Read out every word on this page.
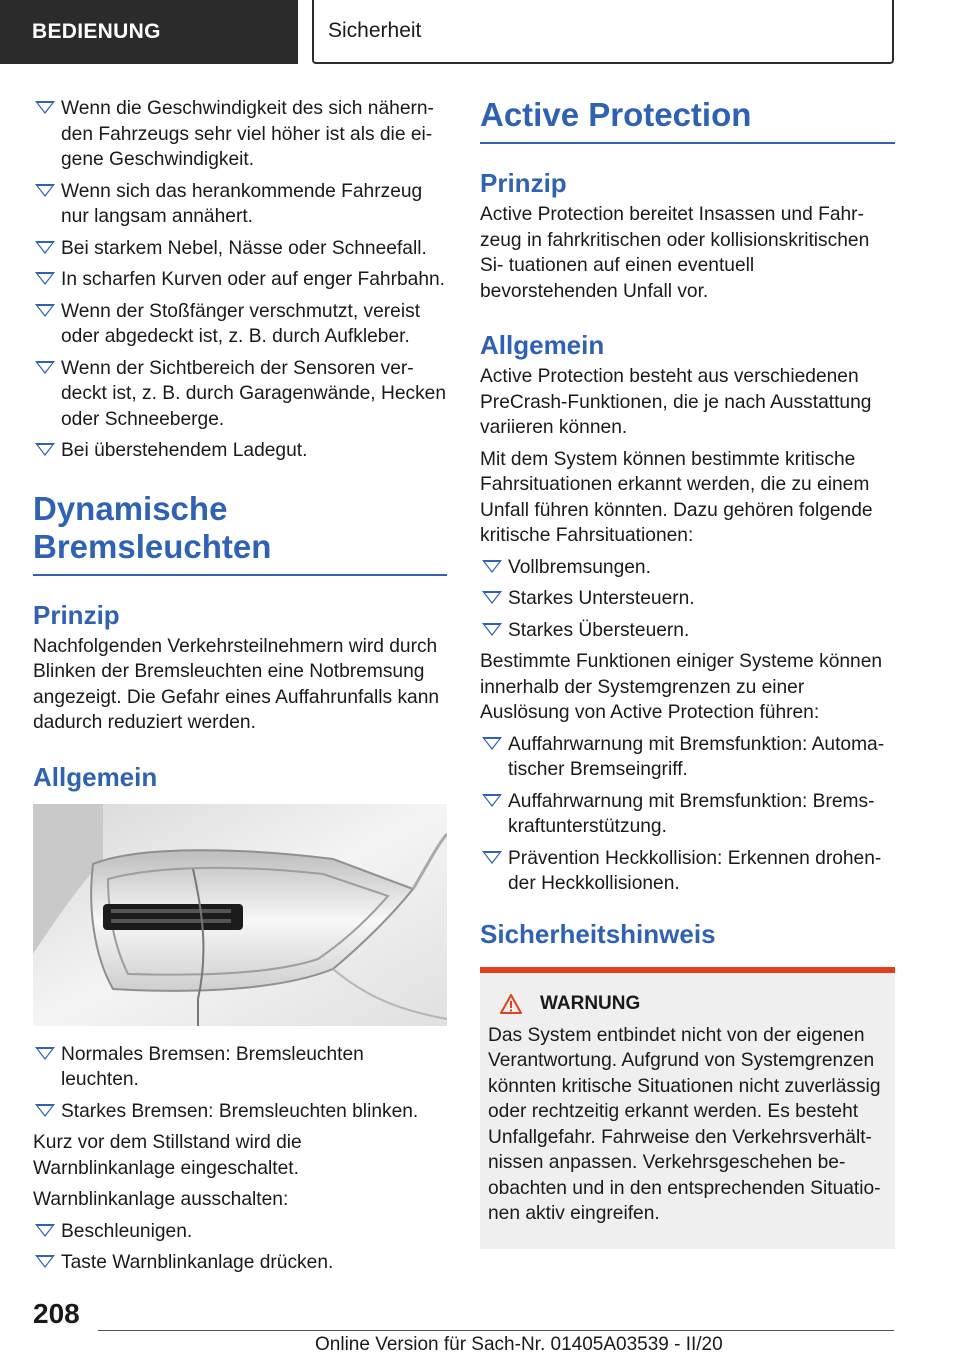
BEDIENUNG	Sicherheit
Wenn die Geschwindigkeit des sich nähern‐ den Fahrzeugs sehr viel höher ist als die ei‐ gene Geschwindigkeit.
Wenn sich das herankommende Fahrzeug nur langsam annähert.
Bei starkem Nebel, Nässe oder Schneefall.
In scharfen Kurven oder auf enger Fahrbahn.
Wenn der Stoßfänger verschmutzt, vereist oder abgedeckt ist, z. B. durch Aufkleber.
Wenn der Sichtbereich der Sensoren ver‐ deckt ist, z. B. durch Garagenwände, Hecken oder Schneeberge.
Bei überstehendem Ladegut.

Dynamische

Bremsleuchten

Prinzip

Nachfolgenden Verkehrsteilnehmern wird durch Blinken der Bremsleuchten eine Notbremsung angezeigt. Die Gefahr eines Auffahrunfalls kann dadurch reduziert werden.

Allgemein

Normales Bremsen: Bremsleuchten leuchten.
Starkes Bremsen: Bremsleuchten blinken.

Kurz vor dem Stillstand wird die Warnblinkanlage eingeschaltet.

Warnblinkanlage ausschalten:

Beschleunigen.
Taste Warnblinkanlage drücken.

Active Protection

Prinzip

Active Protection bereitet Insassen und Fahr‐ zeug in fahrkritischen oder kollisionskritischen Si‐ tuationen auf einen eventuell bevorstehenden Unfall vor.

Allgemein

Active Protection besteht aus verschiedenen PreCrash-Funktionen, die je nach Ausstattung variieren können.

Mit dem System können bestimmte kritische Fahrsituationen erkannt werden, die zu einem Unfall führen könnten. Dazu gehören folgende kritische Fahrsituationen:

Vollbremsungen.
Starkes Untersteuern.
Starkes Übersteuern.

Bestimmte Funktionen einiger Systeme können innerhalb der Systemgrenzen zu einer Auslösung von Active Protection führen:

Auffahrwarnung mit Bremsfunktion: Automa‐ tischer Bremseingriff.
Auffahrwarnung mit Bremsfunktion: Brems‐ kraftunterstützung.
Prävention Heckkollision: Erkennen drohen‐ der Heckkollisionen.

Sicherheitshinweis

WARNUNG

Das System entbindet nicht von der eigenen Verantwortung. Aufgrund von Systemgrenzen könnten kritische Situationen nicht zuverlässig oder rechtzeitig erkannt werden. Es besteht Unfallgefahr. Fahrweise den Verkehrsverhält‐ nissen anpassen. Verkehrsgeschehen be‐ obachten und in den entsprechenden Situatio‐ nen aktiv eingreifen.

208
Online Version für Sach-Nr. 01405A03539 - II/20
